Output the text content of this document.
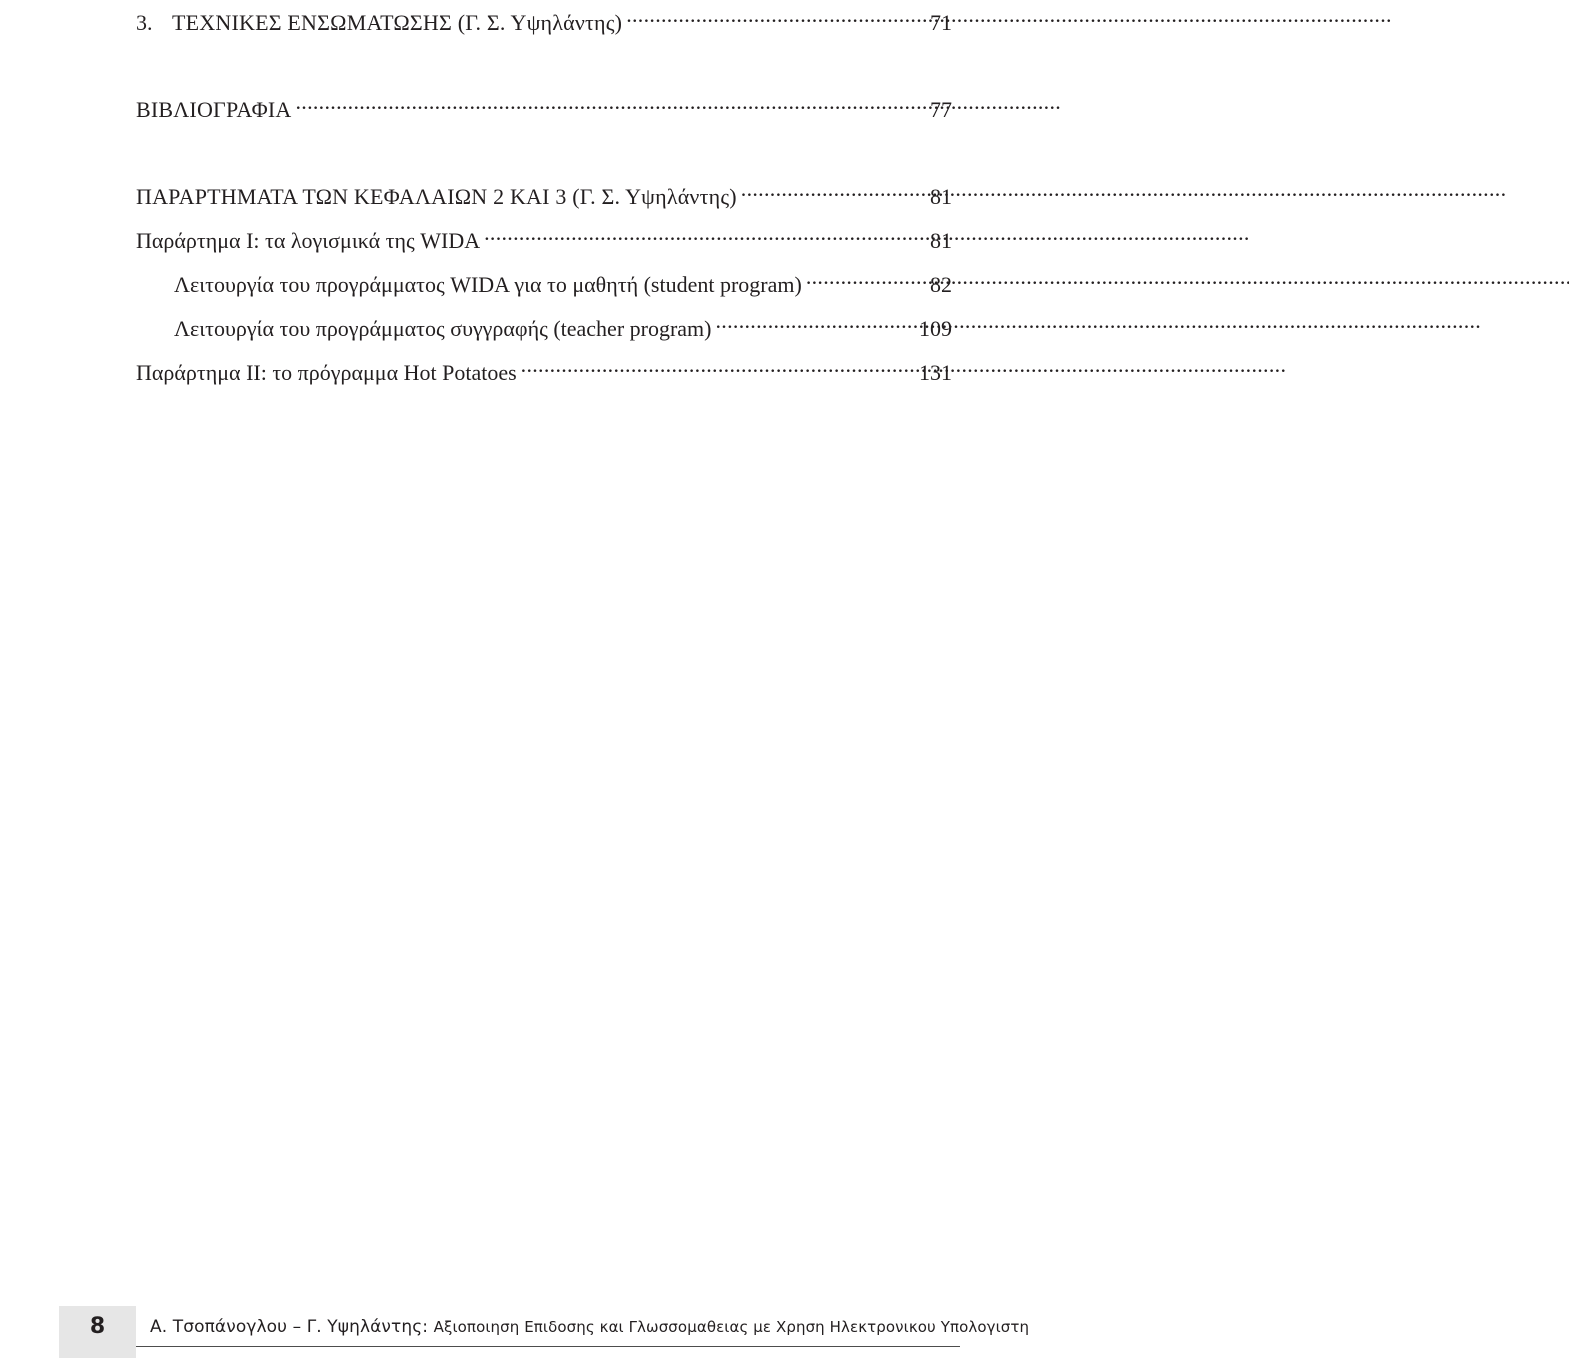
3. ΤΕΧΝΙΚΕΣ ΕΝΣΩΜΑΤΩΣΗΣ (Γ. Σ. Υψηλάντης) . . .	71
ΒΙΒΛΙΟΓΡΑΦΙΑ . . .	77
ΠΑΡΑΡΤΗΜΑΤΑ ΤΩΝ ΚΕΦΑΛΑΙΩΝ 2 ΚΑΙ 3 (Γ. Σ. Υψηλάντης) . . .	81
Παράρτημα Ι: τα λογισμικά της WIDA . . .	81
Λειτουργία του προγράμματος WIDA για το μαθητή (student program) . . .	82
Λειτουργία του προγράμματος συγγραφής (teacher program) . . .	109
Παράρτημα ΙΙ: το πρόγραμμα Hot Potatoes . . .	131
8	Α. Τσοπάνογλου – Γ. Υψηλάντης: Αξιοποιηση Επιδοσης και Γλωσσομαθειας με Χρηση Ηλεκτρονικου Υπολογιστη
